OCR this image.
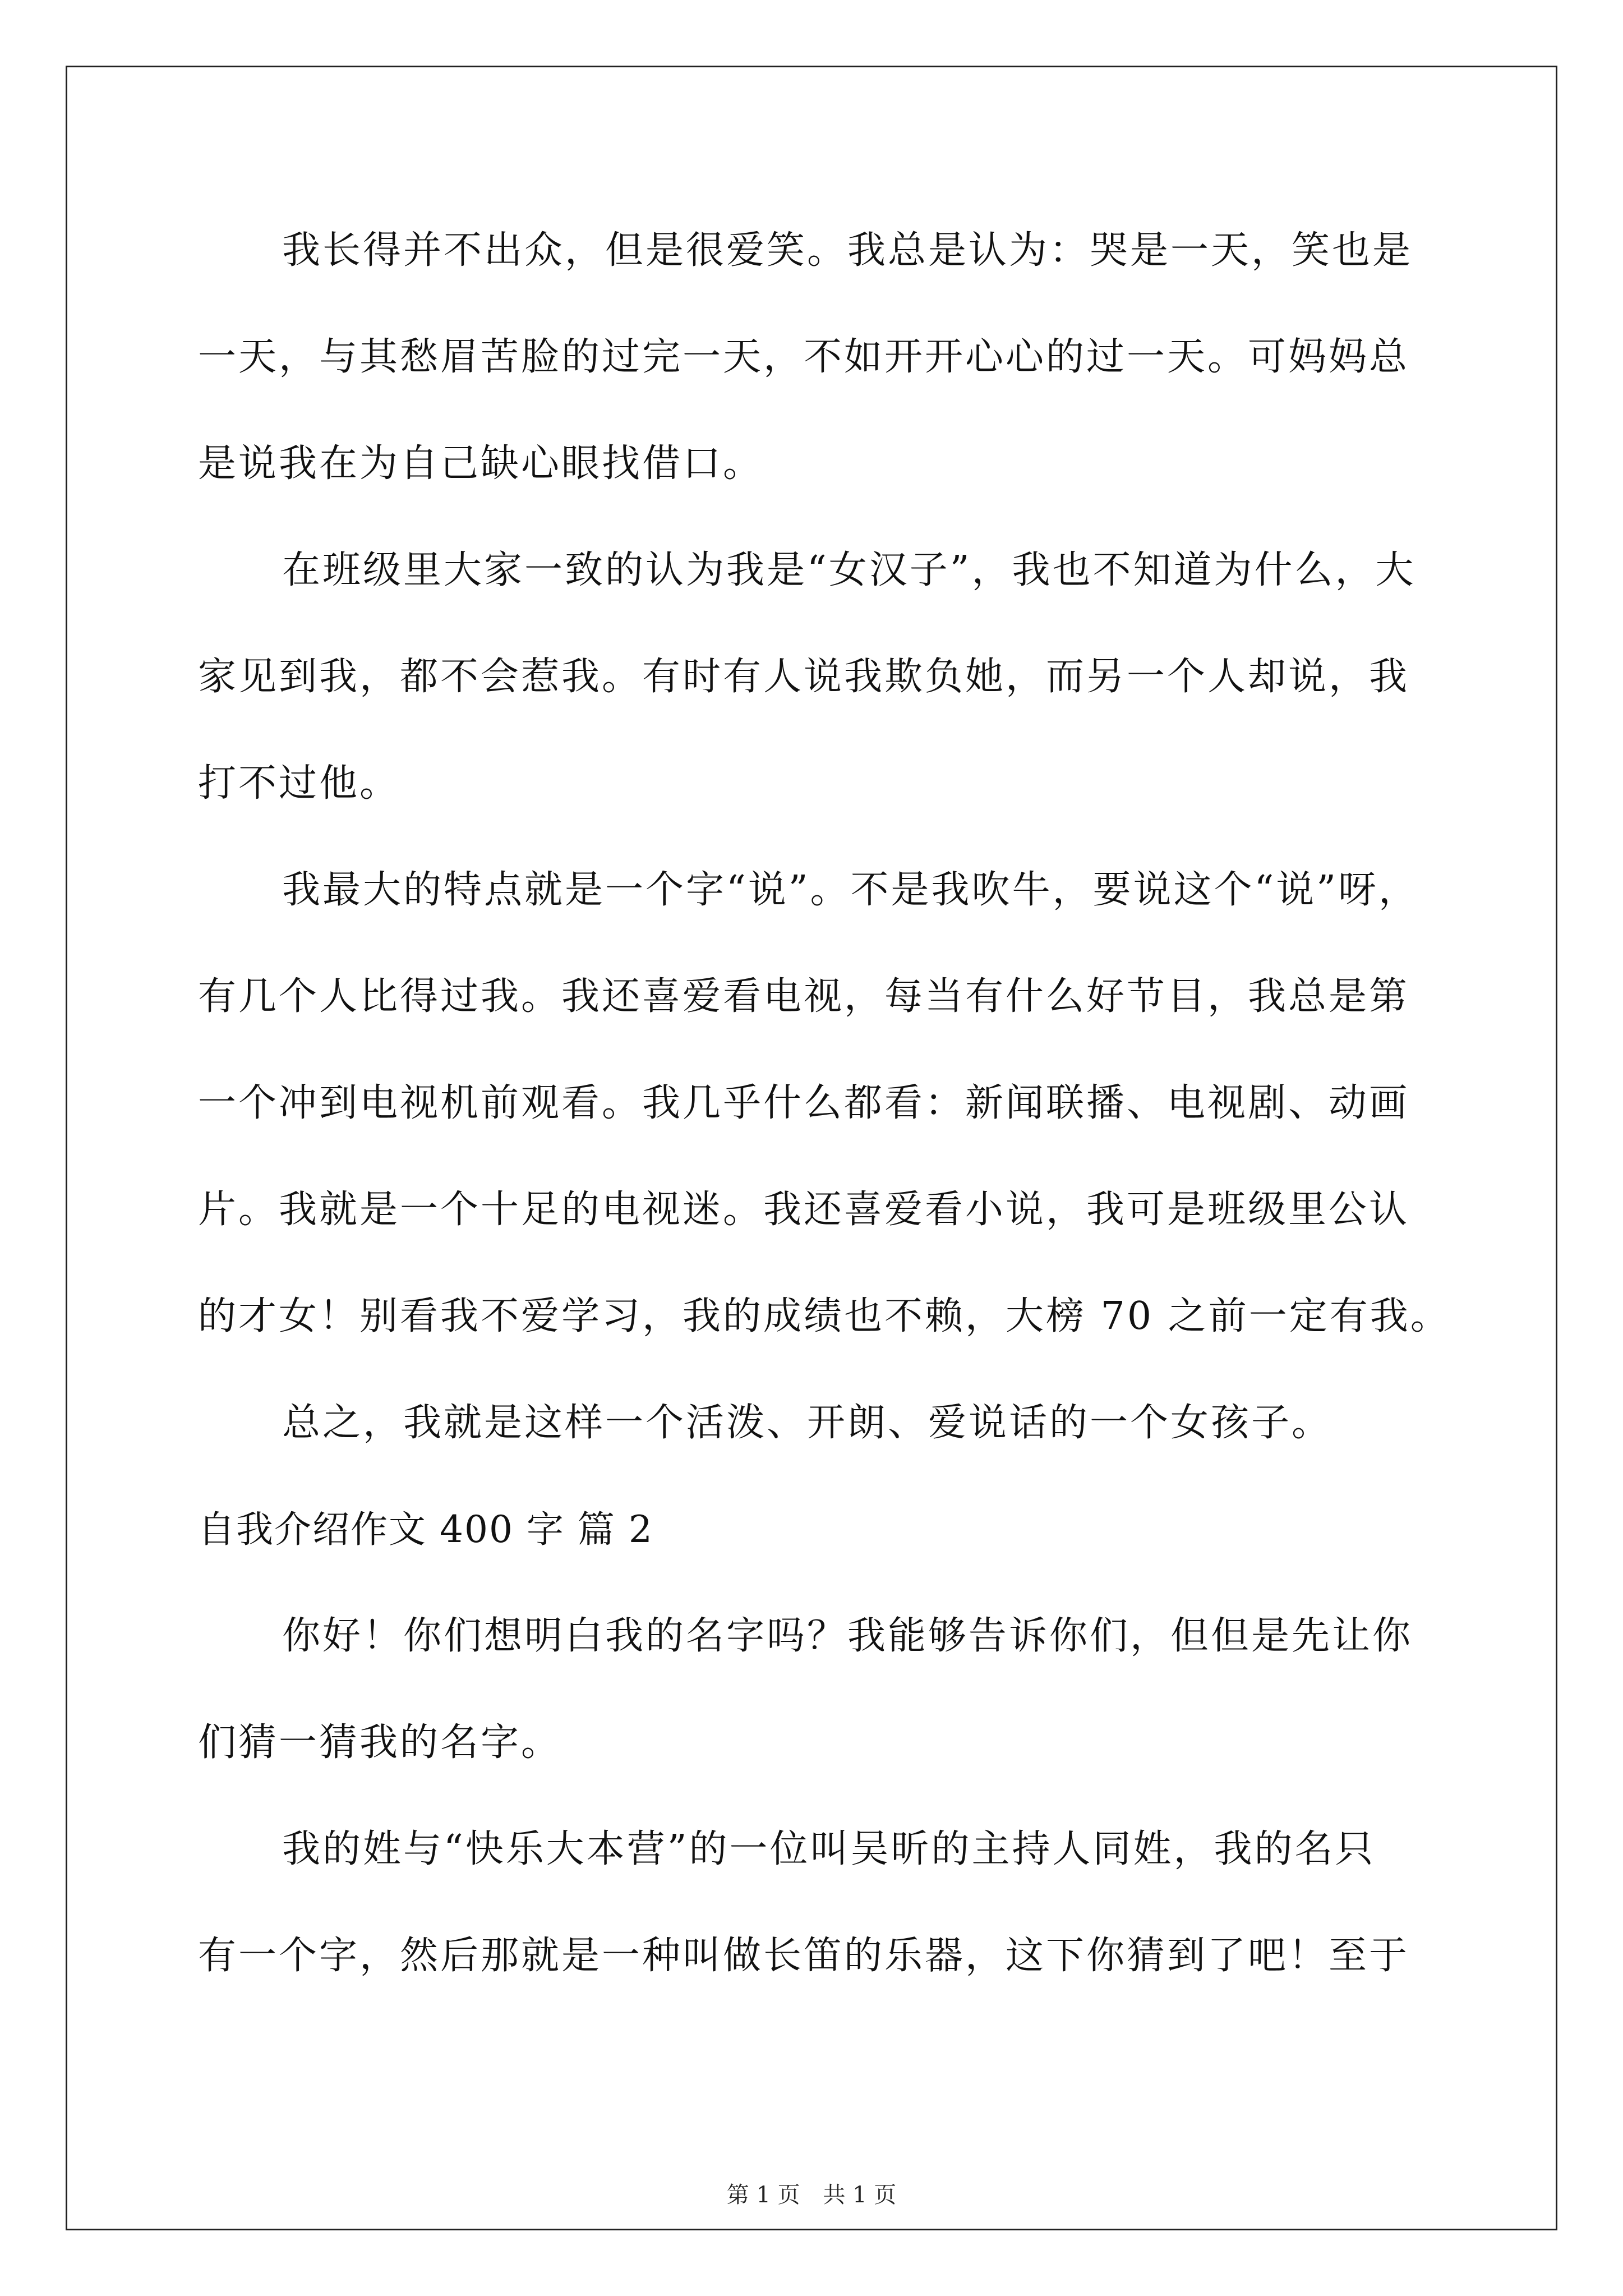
我长得并不出众，但是很爱笑。我总是认为：哭是一天，笑也是
一天，与其愁眉苦脸的过完一天，不如开开心心的过一天。可妈妈总
是说我在为自己缺心眼找借口。
在班级里大家一致的认为我是“女汉子”，我也不知道为什么，大
家见到我，都不会惹我。有时有人说我欺负她，而另一个人却说，我
打不过他。
我最大的特点就是一个字“说”。不是我吹牛，要说这个“说”呀，
有几个人比得过我。我还喜爱看电视，每当有什么好节目，我总是第
一个冲到电视机前观看。我几乎什么都看：新闻联播、电视剧、动画
片。我就是一个十足的电视迷。我还喜爱看小说，我可是班级里公认
的才女！别看我不爱学习，我的成绩也不赖，大榜 70 之前一定有我。
总之，我就是这样一个活泼、开朗、爱说话的一个女孩子。
自我介绍作文 400 字 篇 2
你好！你们想明白我的名字吗？我能够告诉你们，但但是先让你
们猜一猜我的名字。
我的姓与“快乐大本营”的一位叫吴昕的主持人同姓，我的名只
有一个字，然后那就是一种叫做长笛的乐器，这下你猜到了吧！至于
第 1 页 共 1 页
